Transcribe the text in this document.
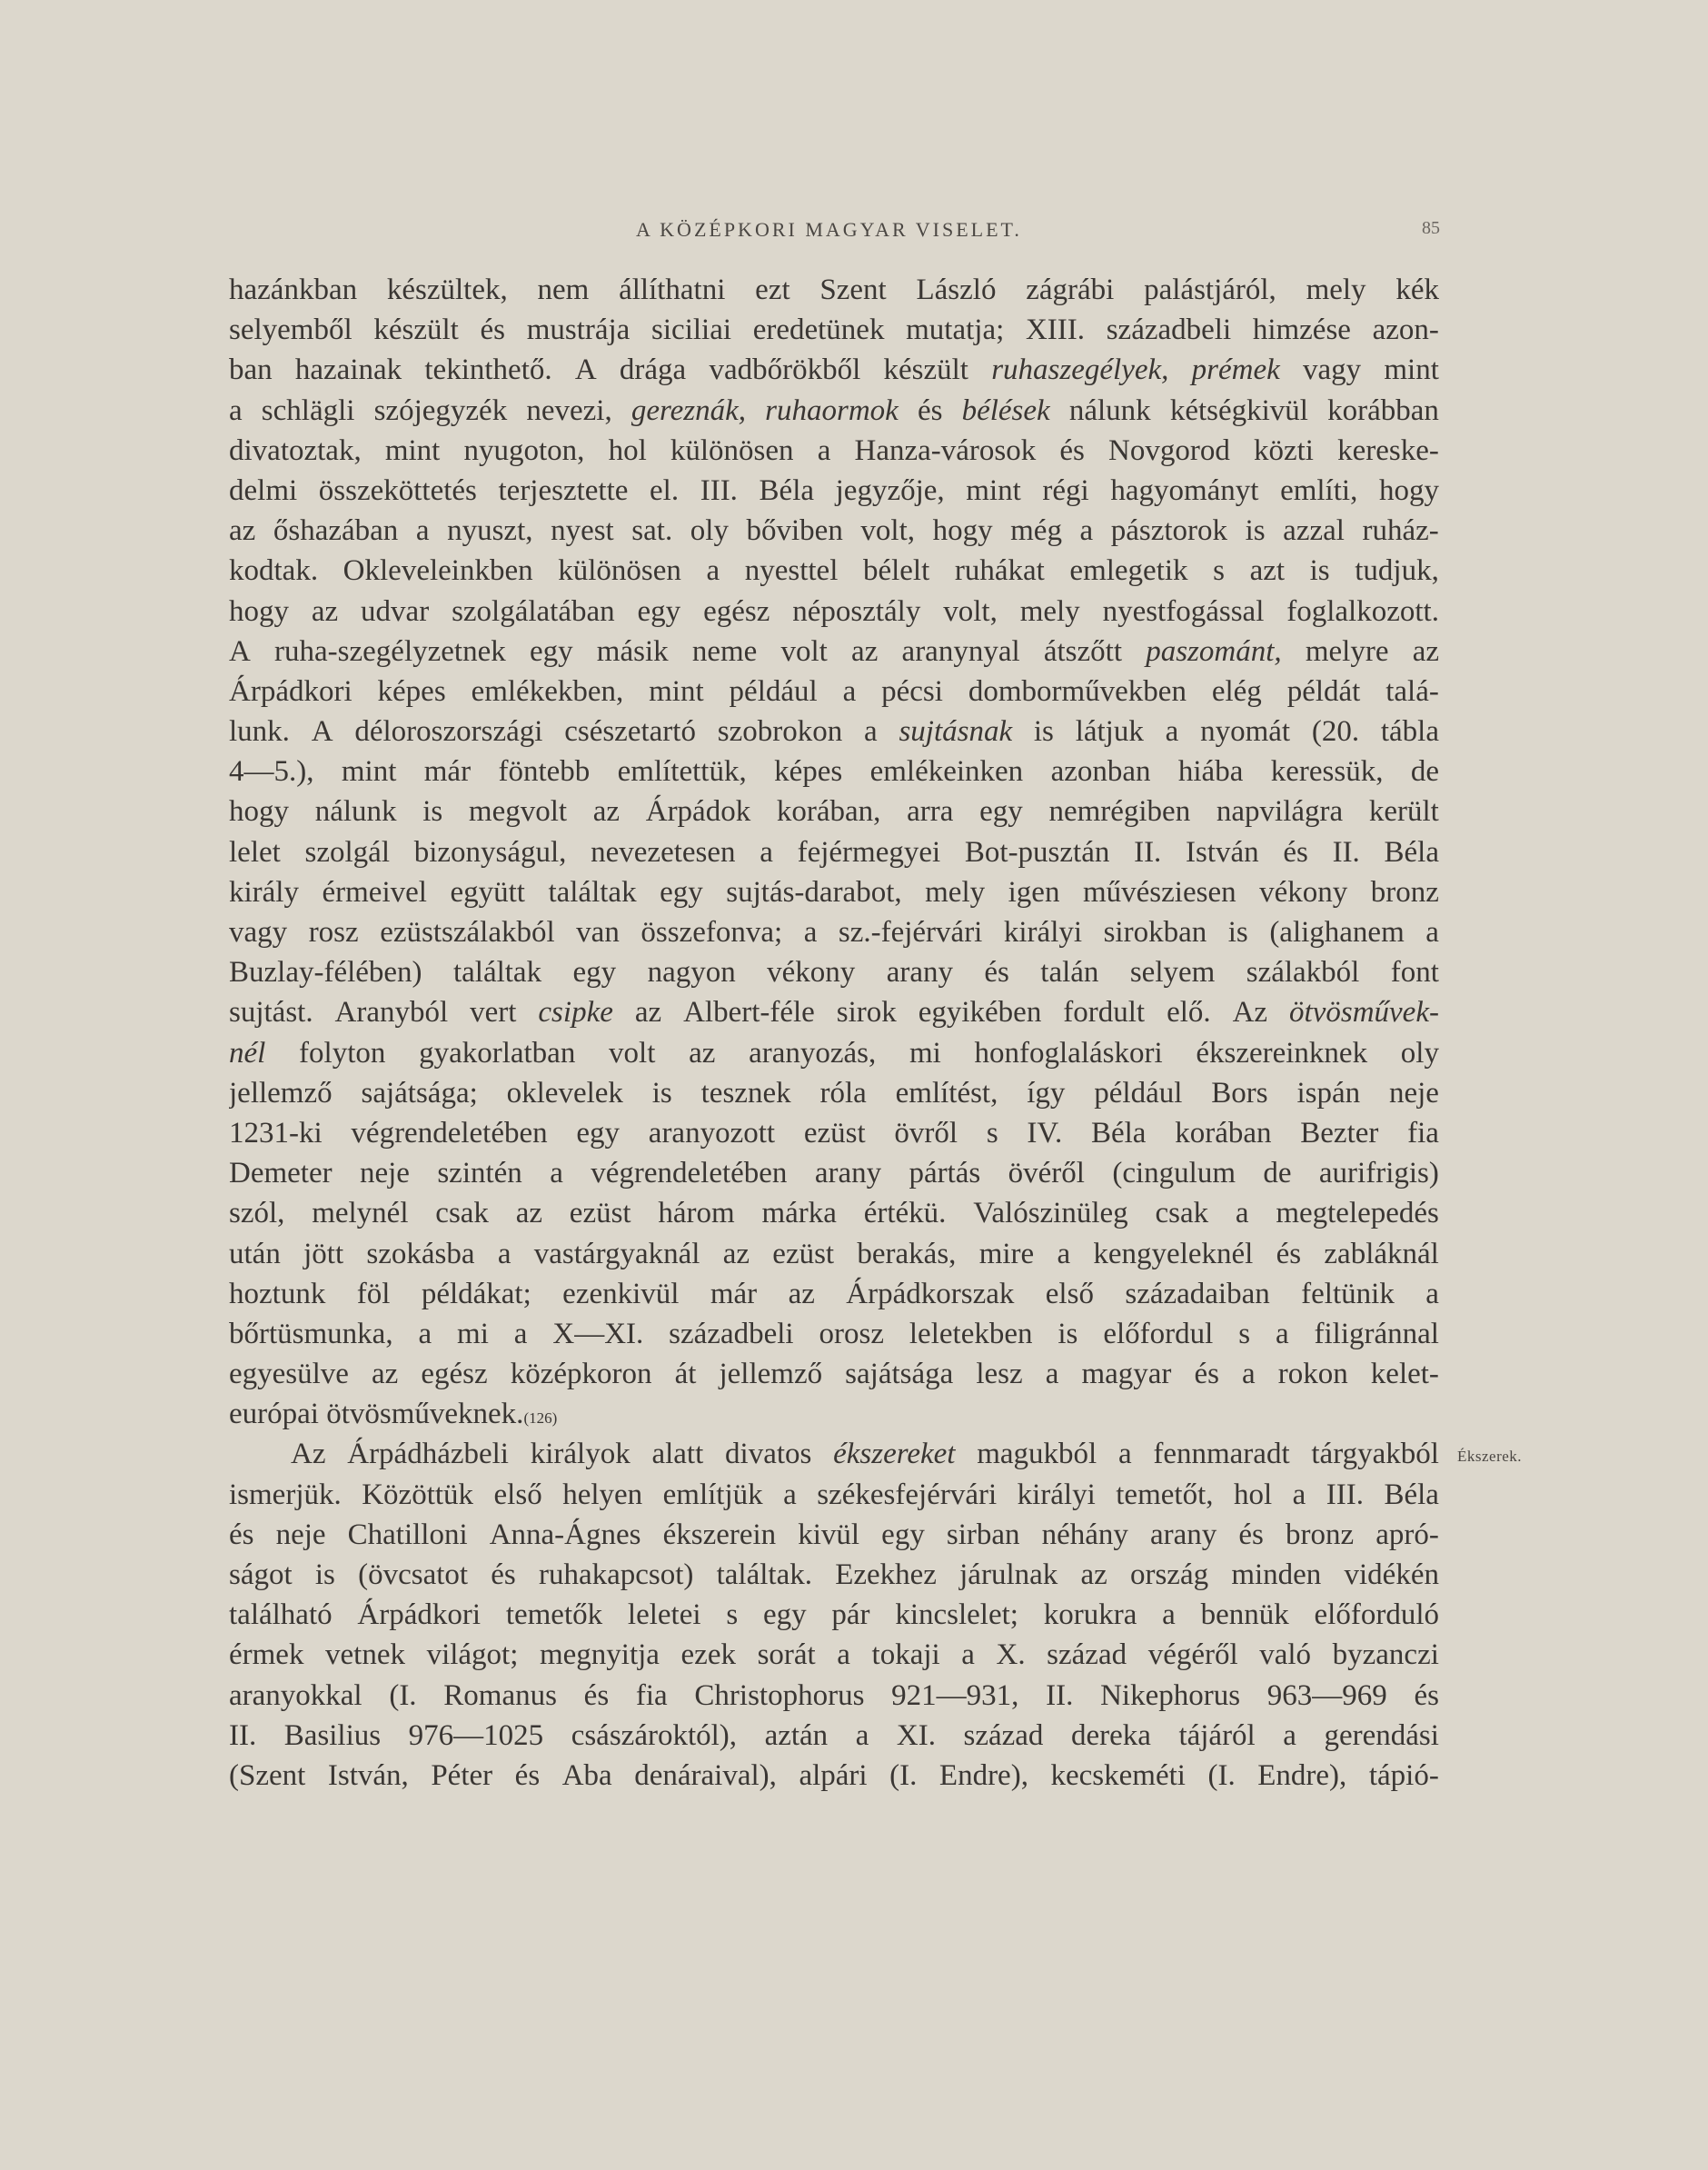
A KÖZÉPKORI MAGYAR VISELET.	85
hazánkban készültek, nem állíthatni ezt Szent László zágrábi palástjáról, mely kék
selyemből készült és mustrája siciliai eredetünek mutatja; XIII. századbeli himzése azon-
ban hazainak tekinthető. A drága vadbőrökből készült ruhaszegélyek, prémek vagy mint
a schlägli szójegyzék nevezi, gereznák, ruhaormok és bélések nálunk kétségkivül korábban
divatoztak, mint nyugoton, hol különösen a Hanza-városok és Novgorod közti kereske-
delmi összeköttetés terjesztette el. III. Béla jegyzője, mint régi hagyományt említi, hogy
az őshazában a nyuszt, nyest sat. oly bőviben volt, hogy még a pásztorok is azzal ruház-
kodtak. Okleveleinkben különösen a nyesttel bélelt ruhákat emlegetik s azt is tudjuk,
hogy az udvar szolgálatában egy egész néposztály volt, mely nyestfogással foglalkozott.
A ruha-szegélyzetnek egy másik neme volt az aranynyal átszőtt paszománt, melyre az
Árpádkori képes emlékekben, mint például a pécsi domborművekben elég példát talá-
lunk. A déloroszországi csészetartó szobrokon a sujtásnak is látjuk a nyomát (20. tábla
4—5.), mint már föntebb említettük, képes emlékeinken azonban hiába keressük, de
hogy nálunk is megvolt az Árpádok korában, arra egy nemrégiben napvilágra került
lelet szolgál bizonyságul, nevezetesen a fejérmegyei Bot-pusztán II. István és II. Béla
király érmeivel együtt találtak egy sujtás-darabot, mely igen művésziesen vékony bronz
vagy rosz ezüstszálakból van összefonva; a sz.-fejérvári királyi sirokban is (alighanem a
Buzlay-félében) találtak egy nagyon vékony arany és talán selyem szálakból font
sujtást. Aranyból vert csipke az Albert-féle sirok egyikében fordult elő. Az ötvösművek-
nél folyton gyakorlatban volt az aranyozás, mi honfoglaláskori ékszereinknek oly
jellemző sajátsága; oklevelek is tesznek róla említést, így például Bors ispán neje
1231-ki végrendeletében egy aranyozott ezüst övről s IV. Béla korában Bezter fia
Demeter neje szintén a végrendeletében arany pártás övéről (cingulum de aurifrigis)
szól, melynél csak az ezüst három márka értékü. Valószinüleg csak a megtelepedés
után jött szokásba a vastárgyaknál az ezüst berakás, mire a kengyeleknél és zabláknál
hoztunk föl példákat; ezenkivül már az Árpádkorszak első századaiban feltünik a
bőrtüsmunka, a mi a X—XI. századbeli orosz leletekben is előfordul s a filigránnal
egyesülve az egész középkoron át jellemző sajátsága lesz a magyar és a rokon kelet-
európai
ötvösműveknek. (126)
Az Árpádházbeli királyok alatt divatos ékszereket magukból a fennmaradt tárgyakból
ismerjük. Közöttük első helyen említjük a székesfejérvári királyi temetőt, hol a III. Béla
és neje Chatilloni Anna-Ágnes ékszerein kivül egy sirban néhány arany és bronz apró-
ságot is (övcsatot és ruhakapcsot) találtak. Ezekhez járulnak az ország minden vidékén
található Árpádkori temetők leletei s egy pár kincslelet; korukra a bennük előforduló
érmek vetnek világot; megnyitja ezek sorát a tokaji a X. század végéről való byzanczi
aranyokkal (I. Romanus és fia Christophorus 921—931, II. Nikephorus 963—969 és
II. Basilius 976—1025 császároktól), aztán a XI. század dereka tájáról a gerendási
(Szent István, Péter és Aba denáraival), alpári (I. Endre), kecskeméti (I. Endre), tápió-
Ékszerek.
